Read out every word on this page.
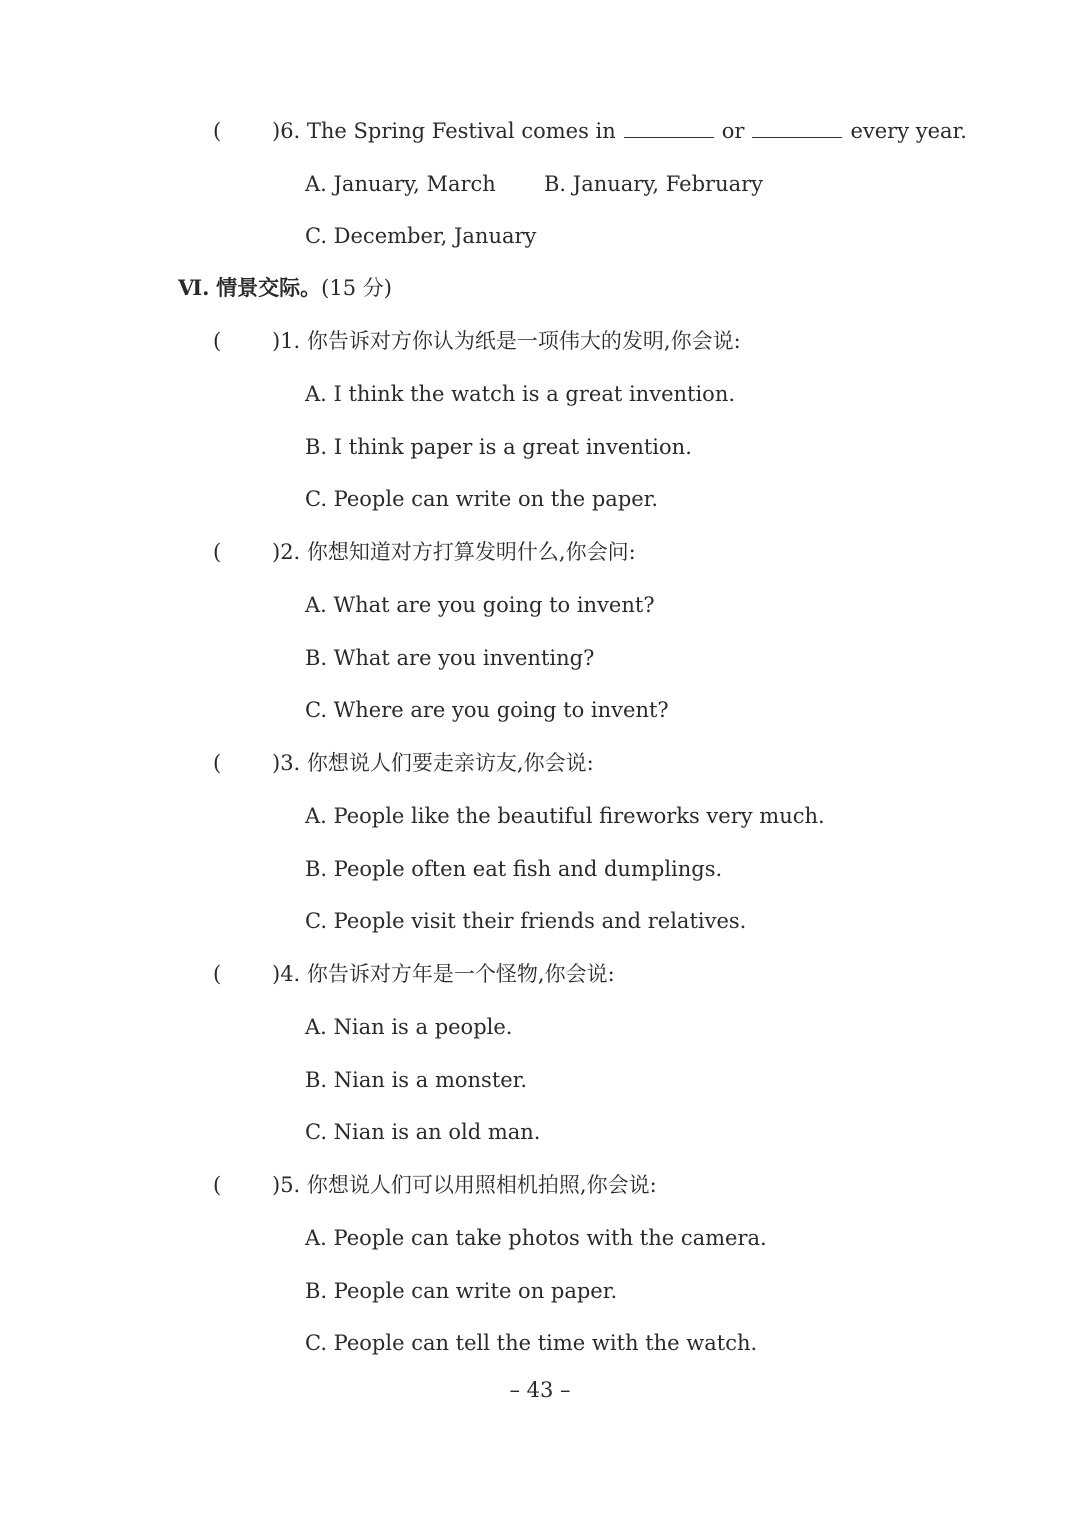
( )6. The Spring Festival comes in	or	every year.
A. January, March B. January, February
C. December, January
Ⅵ. 情景交际。(15 分)
( )1. 你告诉对方你认为纸是一项伟大的发明,你会说:
A. I think the watch is a great invention.
B. I think paper is a great invention.
C. People can write on the paper.
( )2. 你想知道对方打算发明什么,你会问:
A. What are you going to invent?
B. What are you inventing?
C. Where are you going to invent?
( )3. 你想说人们要走亲访友,你会说:
A. People like the beautiful fireworks very much.
B. People often eat fish and dumplings.
C. People visit their friends and relatives.
( )4. 你告诉对方年是一个怪物,你会说:
A. Nian is a people.
B. Nian is a monster.
C. Nian is an old man.
( )5. 你想说人们可以用照相机拍照,你会说:
A. People can take photos with the camera.
B. People can write on paper.
C. People can tell the time with the watch.
– 43 –
